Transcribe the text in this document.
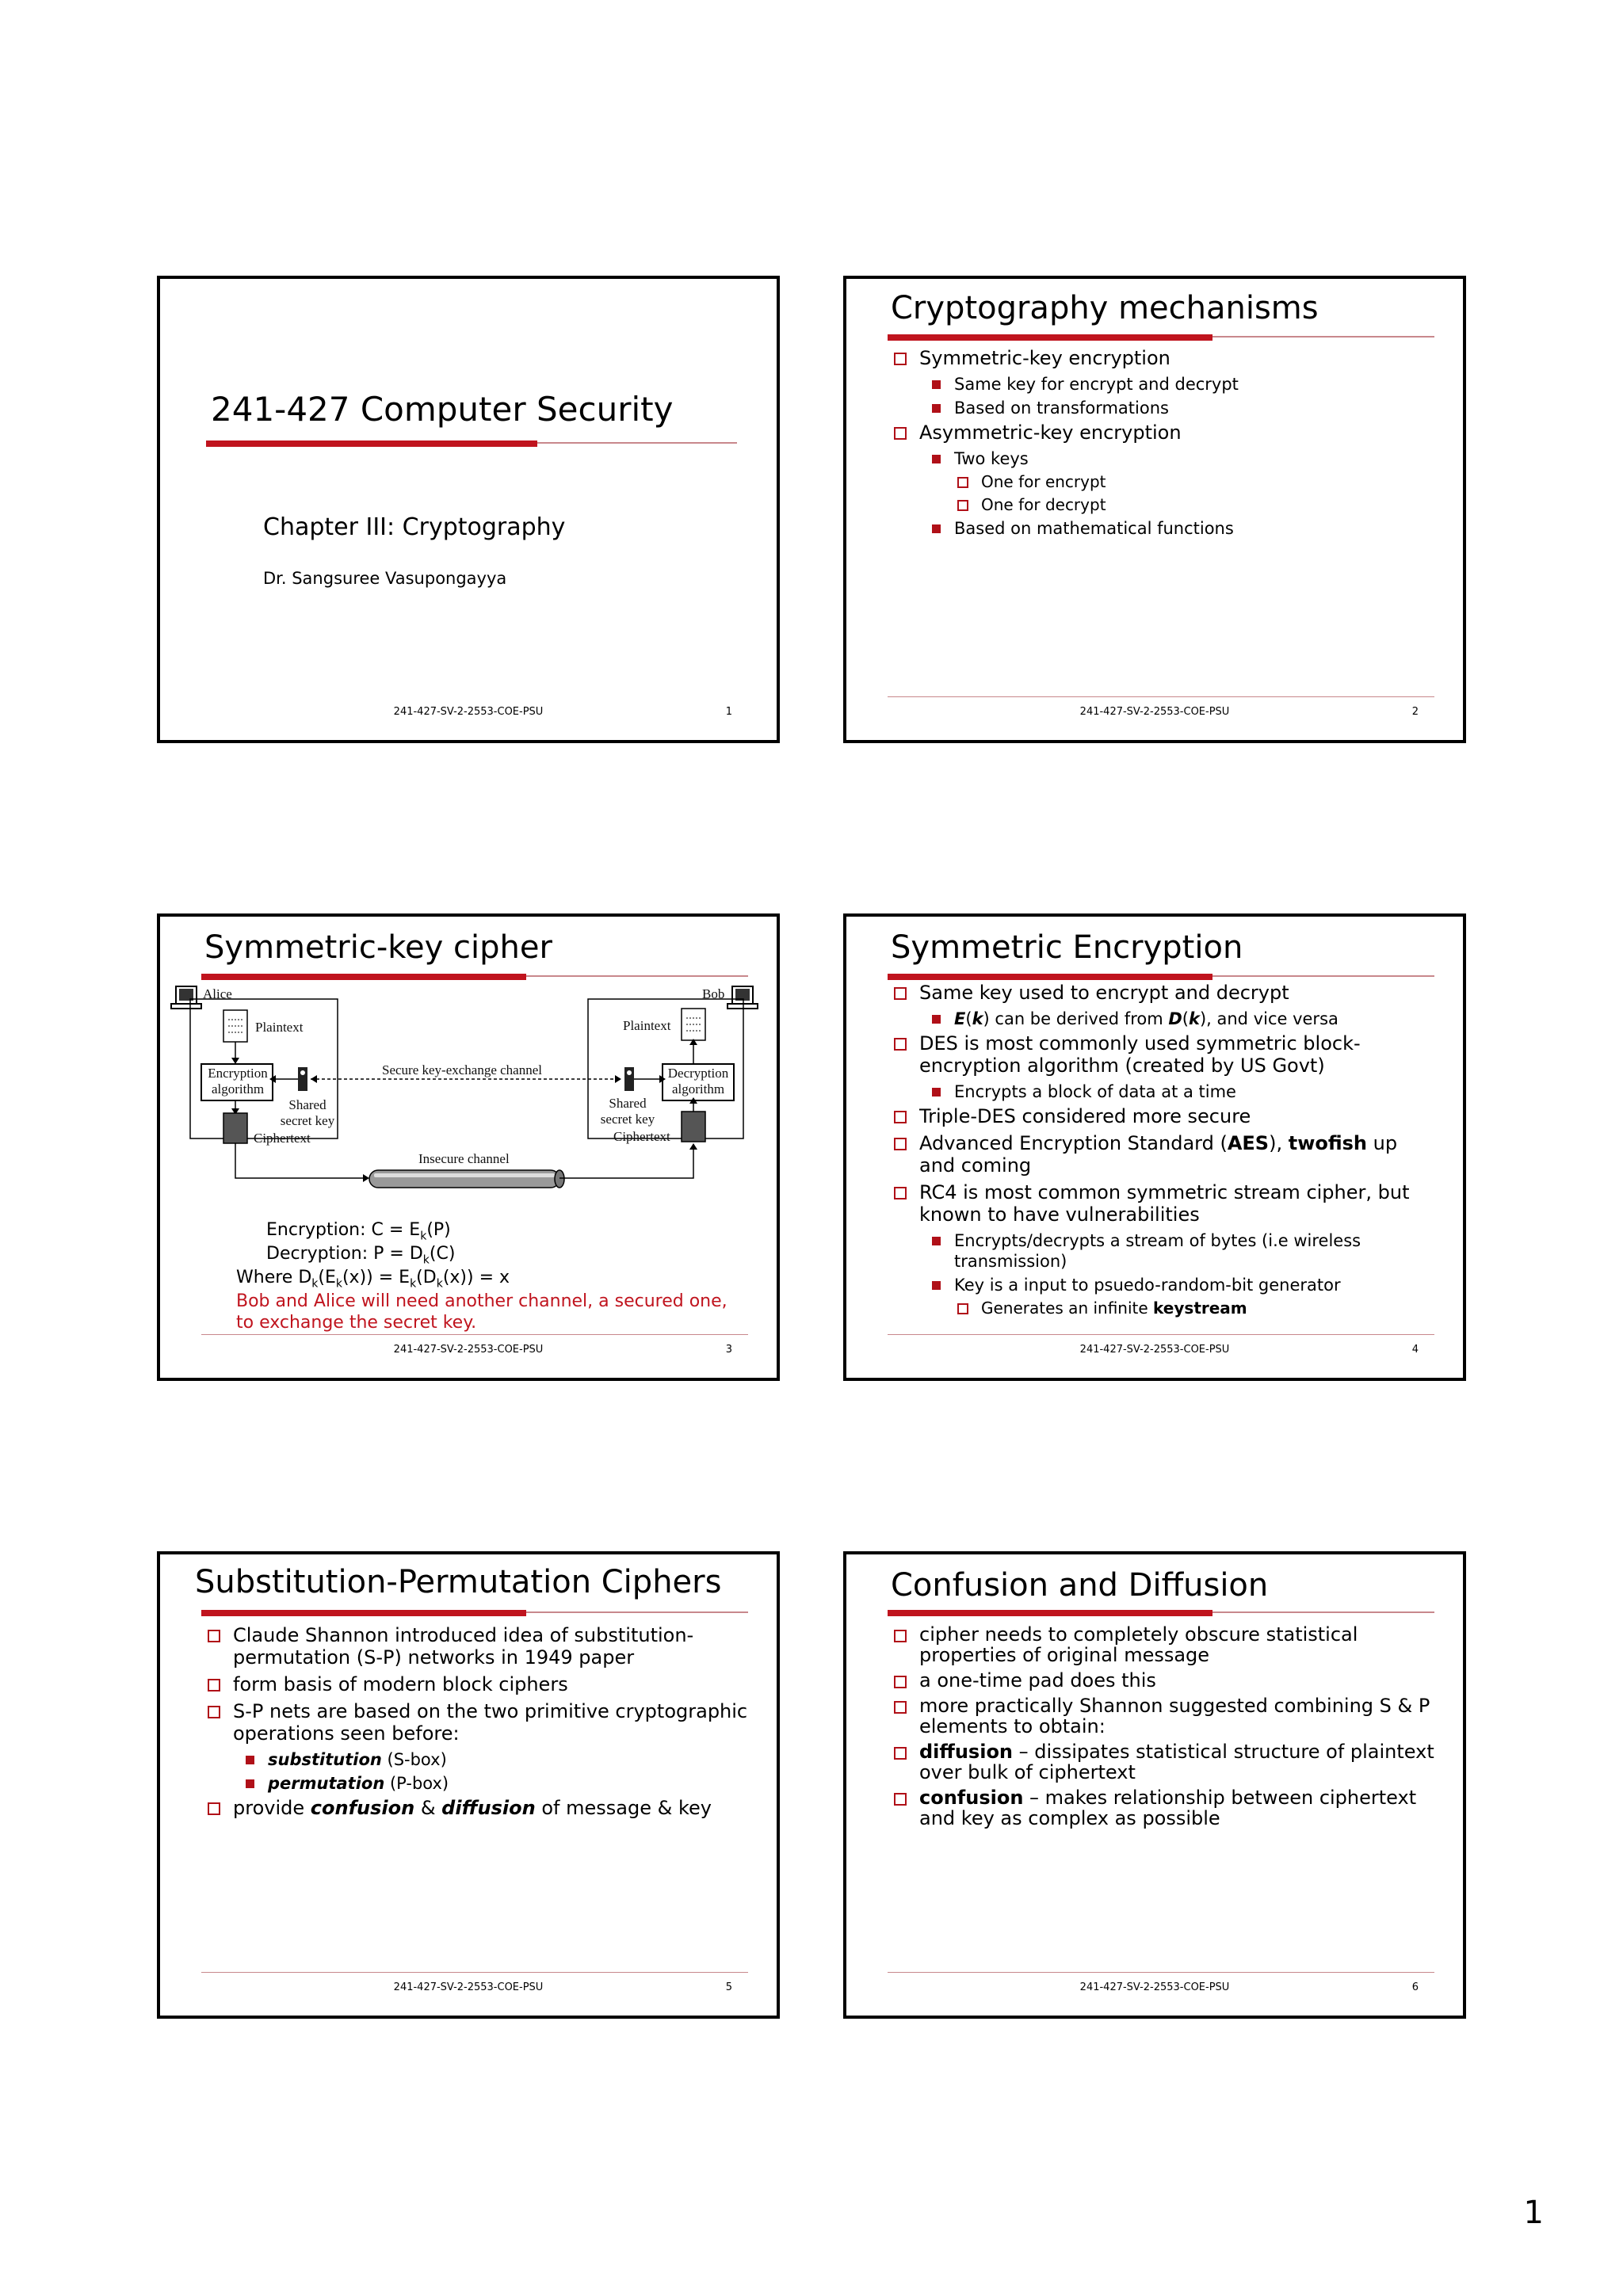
241-427 Computer Security
Chapter III: Cryptography
Dr. Sangsuree Vasupongayya
241-427-SV-2-2553-COE-PSU	1
Cryptography mechanisms
Symmetric-key encryption
Same key for encrypt and decrypt
Based on transformations
Asymmetric-key encryption
Two keys
One for encrypt
One for decrypt
Based on mathematical functions
241-427-SV-2-2553-COE-PSU	2
Symmetric-key cipher
Alice	Bob
Plaintext	Plaintext
Encryption
algorithm
Decryption
algorithm
Shared
secret key
Shared
secret key
Ciphertext	Ciphertext
Secure key-exchange channel
Insecure channel
Encryption: $C = E_k(P)$
Decryption: $P = D_k(C)$
Where $D_k(E_k(x)) = E_k(D_k(x)) = x$
Bob and Alice will need another channel, a secured one,
to exchange the secret key.
241-427-SV-2-2553-COE-PSU	3
Symmetric Encryption
Same key used to encrypt and decrypt
E(k) can be derived from D(k), and vice versa
DES is most commonly used symmetric block-encryption algorithm (created by US Govt)
Encrypts a block of data at a time
Triple-DES considered more secure
Advanced Encryption Standard (AES), twofish up and coming
RC4 is most common symmetric stream cipher, but known to have vulnerabilities
Encrypts/decrypts a stream of bytes (i.e wireless transmission)
Key is a input to psuedo-random-bit generator
Generates an infinite keystream
241-427-SV-2-2553-COE-PSU	4
Substitution-Permutation Ciphers
Claude Shannon introduced idea of substitution-permutation (S-P) networks in 1949 paper
form basis of modern block ciphers
S-P nets are based on the two primitive cryptographic operations seen before:
substitution (S-box)
permutation (P-box)
provide confusion & diffusion of message & key
241-427-SV-2-2553-COE-PSU	5
Confusion and Diffusion
cipher needs to completely obscure statistical properties of original message
a one-time pad does this
more practically Shannon suggested combining S & P elements to obtain:
diffusion – dissipates statistical structure of plaintext over bulk of ciphertext
confusion – makes relationship between ciphertext and key as complex as possible
241-427-SV-2-2553-COE-PSU	6
1
